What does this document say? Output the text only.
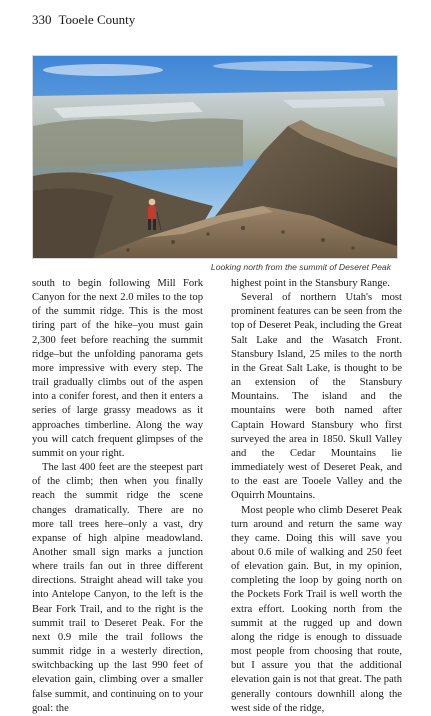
330 Tooele County
Looking north from the summit of Deseret Peak

south to begin following Mill Fork Canyon for the next 2.0 miles to the top of the summit ridge. This is the most tiring part of the hike–you must gain 2,300 feet before reaching the summit ridge–but the unfolding panorama gets more impressive with every step. The trail gradually climbs out of the aspen into a conifer forest, and then it enters a series of large grassy meadows as it approaches timberline. Along the way you will catch frequent glimpses of the summit on your right.

The last 400 feet are the steepest part of the climb; then when you finally reach the summit ridge the scene changes dramatically. There are no more tall trees here–only a vast, dry expanse of high alpine meadowland. Another small sign marks a junction where trails fan out in three different directions. Straight ahead will take you into Antelope Canyon, to the left is the Bear Fork Trail, and to the right is the summit trail to Deseret Peak. For the next 0.9 mile the trail follows the summit ridge in a westerly direction, switchbacking up the last 990 feet of elevation gain, climbing over a smaller false summit, and continuing on to your goal: the

highest point in the Stansbury Range.

Several of northern Utah's most prominent features can be seen from the top of Deseret Peak, including the Great Salt Lake and the Wasatch Front. Stansbury Island, 25 miles to the north in the Great Salt Lake, is thought to be an extension of the Stansbury Mountains. The island and the mountains were both named after Captain Howard Stansbury who first surveyed the area in 1850. Skull Valley and the Cedar Mountains lie immediately west of Deseret Peak, and to the east are Tooele Valley and the Oquirrh Mountains.

Most people who climb Deseret Peak turn around and return the same way they came. Doing this will save you about 0.6 mile of walking and 250 feet of elevation gain. But, in my opinion, completing the loop by going north on the Pockets Fork Trail is well worth the extra effort. Looking north from the summit at the rugged up and down along the ridge is enough to dissuade most people from choosing that route, but I assure you that the additional elevation gain is not that great. The path generally contours downhill along the west side of the ridge,
